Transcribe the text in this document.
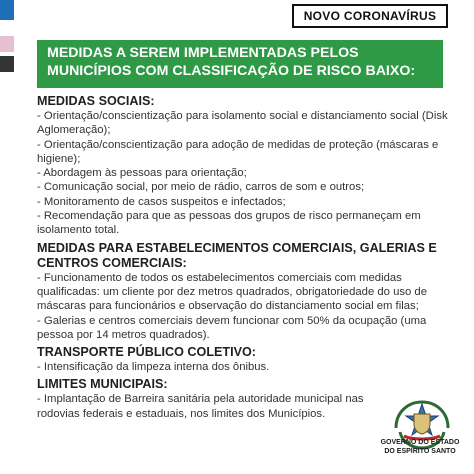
NOVO CORONAVÍRUS
MEDIDAS A SEREM IMPLEMENTADAS PELOS
MUNICÍPIOS COM CLASSIFICAÇÃO DE RISCO BAIXO:
MEDIDAS SOCIAIS:
- Orientação/conscientização para isolamento social e distanciamento social (Disk Aglomeração);
- Orientação/conscientização para adoção de medidas de proteção (máscaras e higiene);
- Abordagem às pessoas para orientação;
- Comunicação social, por meio de rádio, carros de som e outros;
- Monitoramento de casos suspeitos e infectados;
- Recomendação para que as pessoas dos grupos de risco permaneçam em isolamento total.
MEDIDAS PARA ESTABELECIMENTOS COMERCIAIS, GALERIAS E
CENTROS COMERCIAIS:
- Funcionamento de todos os estabelecimentos comerciais com medidas qualificadas: um cliente por dez metros quadrados, obrigatoriedade do uso de máscaras para funcionários e observação do distanciamento social em filas;
- Galerias e centros comerciais devem funcionar com 50% da ocupação (uma pessoa por 14 metros quadrados).
TRANSPORTE PÚBLICO COLETIVO:
- Intensificação da limpeza interna dos ônibus.
LIMITES MUNICIPAIS:
- Implantação de Barreira sanitária pela autoridade municipal nas rodovias federais e estaduais, nos limites dos Municípios.
GOVERNO DO ESTADO
DO ESPÍRITO SANTO
